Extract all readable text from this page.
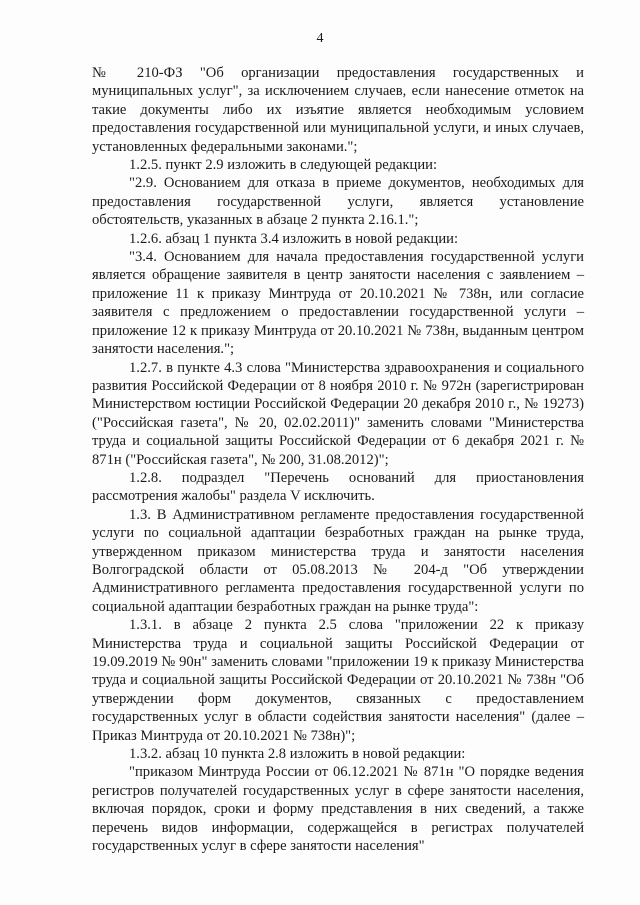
4

№ 210-ФЗ "Об организации предоставления государственных и муниципальных услуг", за исключением случаев, если нанесение отметок на такие документы либо их изъятие является необходимым условием предоставления государственной или муниципальной услуги, и иных случаев, установленных федеральными законами.";

1.2.5. пункт 2.9 изложить в следующей редакции:

"2.9. Основанием для отказа в приеме документов, необходимых для предоставления государственной услуги, является установление обстоятельств, указанных в абзаце 2 пункта 2.16.1.";

1.2.6. абзац 1 пункта 3.4 изложить в новой редакции:

"3.4. Основанием для начала предоставления государственной услуги является обращение заявителя в центр занятости населения с заявлением – приложение 11 к приказу Минтруда от 20.10.2021 № 738н, или согласие заявителя с предложением о предоставлении государственной услуги – приложение 12 к приказу Минтруда от 20.10.2021 № 738н, выданным центром занятости населения.";

1.2.7. в пункте 4.3 слова "Министерства здравоохранения и социального развития Российской Федерации от 8 ноября 2010 г. № 972н (зарегистрирован Министерством юстиции Российской Федерации 20 декабря 2010 г., № 19273) ("Российская газета", № 20, 02.02.2011)" заменить словами "Министерства труда и социальной защиты Российской Федерации от 6 декабря 2021 г. № 871н ("Российская газета", № 200, 31.08.2012)";

1.2.8. подраздел "Перечень оснований для приостановления рассмотрения жалобы" раздела V исключить.

1.3. В Административном регламенте предоставления государственной услуги по социальной адаптации безработных граждан на рынке труда, утвержденном приказом министерства труда и занятости населения Волгоградской области от 05.08.2013 № 204-д "Об утверждении Административного регламента предоставления государственной услуги по социальной адаптации безработных граждан на рынке труда":

1.3.1. в абзаце 2 пункта 2.5 слова "приложении 22 к приказу Министерства труда и социальной защиты Российской Федерации от 19.09.2019 № 90н" заменить словами "приложении 19 к приказу Министерства труда и социальной защиты Российской Федерации от 20.10.2021 № 738н "Об утверждении форм документов, связанных с предоставлением государственных услуг в области содействия занятости населения" (далее – Приказ Минтруда от 20.10.2021 № 738н)";

1.3.2. абзац 10 пункта 2.8 изложить в новой редакции:

"приказом Минтруда России от 06.12.2021 № 871н "О порядке ведения регистров получателей государственных услуг в сфере занятости населения, включая порядок, сроки и форму представления в них сведений, а также перечень видов информации, содержащейся в регистрах получателей государственных услуг в сфере занятости населения"
